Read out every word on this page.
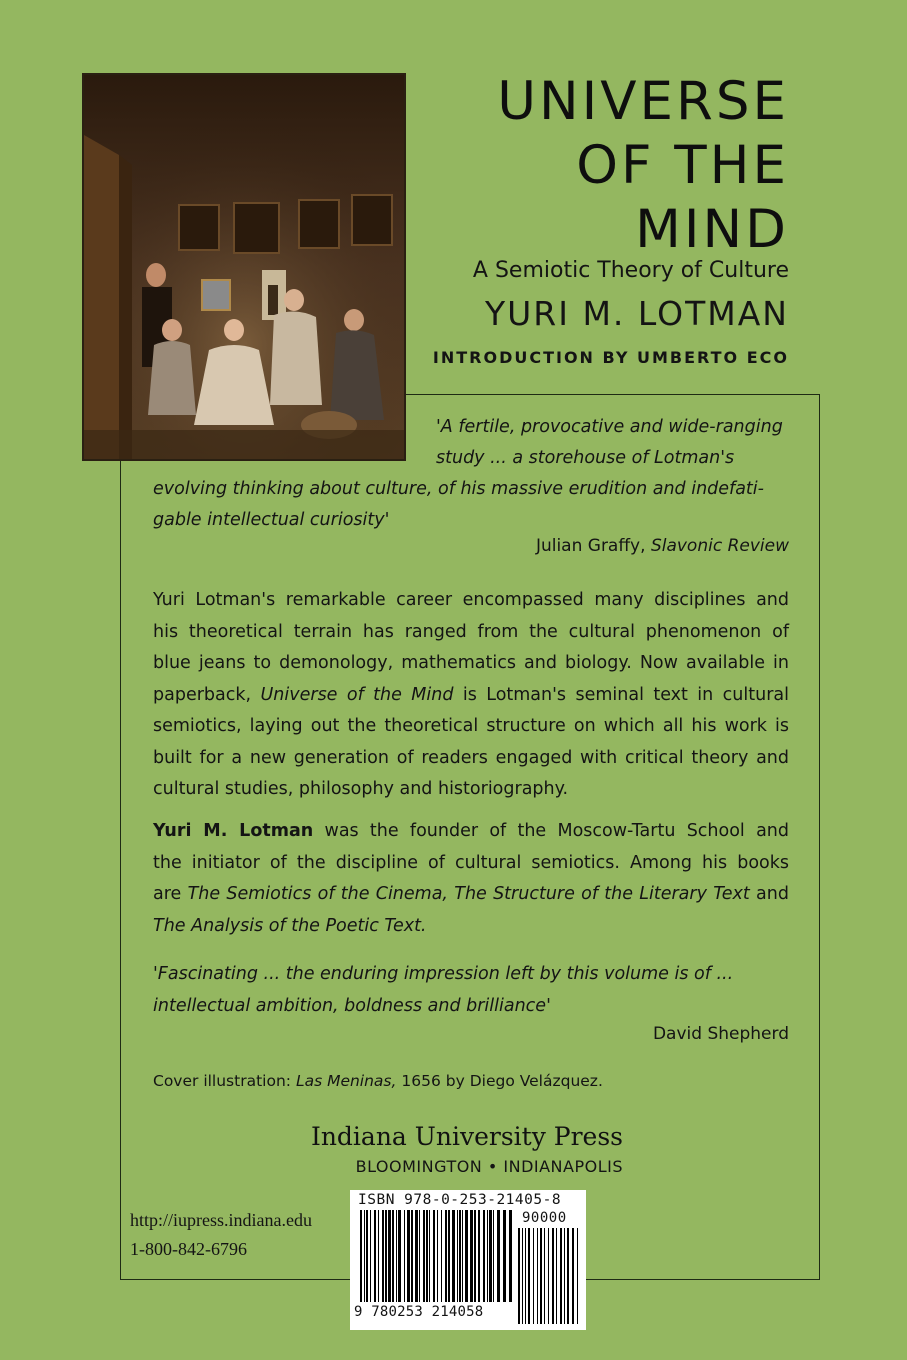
UNIVERSE
OF THE
MIND
A Semiotic Theory of Culture
YURI M. LOTMAN
INTRODUCTION BY UMBERTO ECO
'A fertile, provocative and wide-ranging
study ... a storehouse of Lotman's
evolving thinking about culture, of his massive erudition and indefati-
gable intellectual curiosity'
Julian Graffy, Slavonic Review
Yuri Lotman's remarkable career encompassed many disciplines and
his theoretical terrain has ranged from the cultural phenomenon of
blue jeans to demonology, mathematics and biology. Now available in
paperback, Universe of the Mind is Lotman's seminal text in cultural
semiotics, laying out the theoretical structure on which all his work is
built for a new generation of readers engaged with critical theory and
cultural studies, philosophy and historiography.
Yuri M. Lotman was the founder of the Moscow-Tartu School and
the initiator of the discipline of cultural semiotics. Among his books
are The Semiotics of the Cinema, The Structure of the Literary Text and
The Analysis of the Poetic Text.
'Fascinating ... the enduring impression left by this volume is of ...
intellectual ambition, boldness and brilliance'
David Shepherd
Cover illustration: Las Meninas, 1656 by Diego Velázquez.
Indiana University Press
BLOOMINGTON • INDIANAPOLIS
http://iupress.indiana.edu
1-800-842-6796
ISBN 978-0-253-21405-8
90000
9 780253 214058
